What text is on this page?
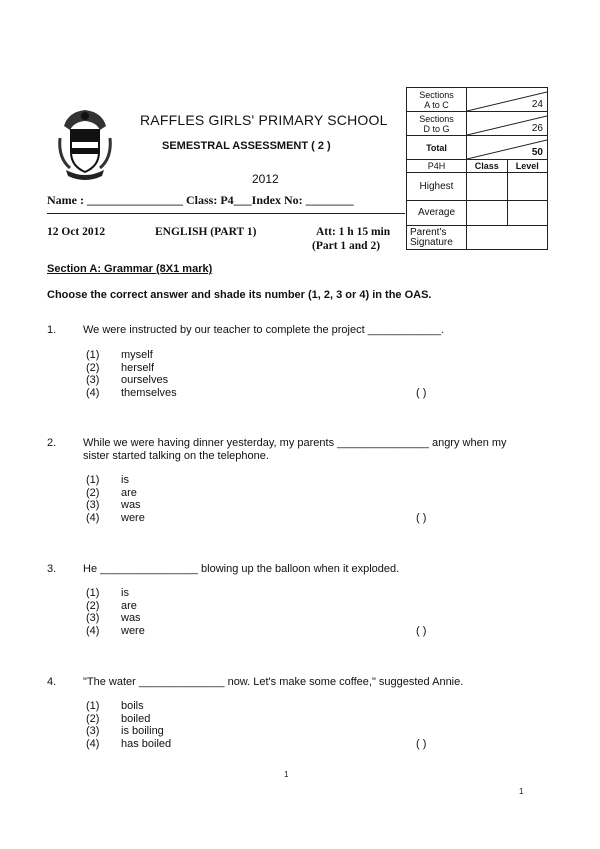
RAFFLES GIRLS' PRIMARY SCHOOL
SEMESTRAL ASSESSMENT ( 2 )
2012
Name : ________________ Class: P4___Index No: ________
12 Oct 2012	ENGLISH (PART 1)	Att: 1 h 15 min
(Part 1 and 2)
Sections
A to C	24	

Sections
D to G	26	

Total	50	

P4H	Class	Level
Highest		
Average		
Parent's
Signature		
Section A: Grammar (8X1 mark)
Choose the correct answer and shade its number (1, 2, 3 or 4) in the OAS.
1. We were instructed by our teacher to complete the project ____________.
(1)	myself
(2)	herself
(3)	ourselves
(4)	themselves	( )
2. While we were having dinner yesterday, my parents _______________ angry when my sister started talking on the telephone.
(1)	is
(2)	are
(3)	was
(4)	were	( )
3. He ________________ blowing up the balloon when it exploded.
(1)	is
(2)	are
(3)	was
(4)	were	( )
4. "The water ______________ now. Let's make some coffee," suggested Annie.
(1)	boils
(2)	boiled
(3)	is boiling
(4)	has boiled	( )
1
1
